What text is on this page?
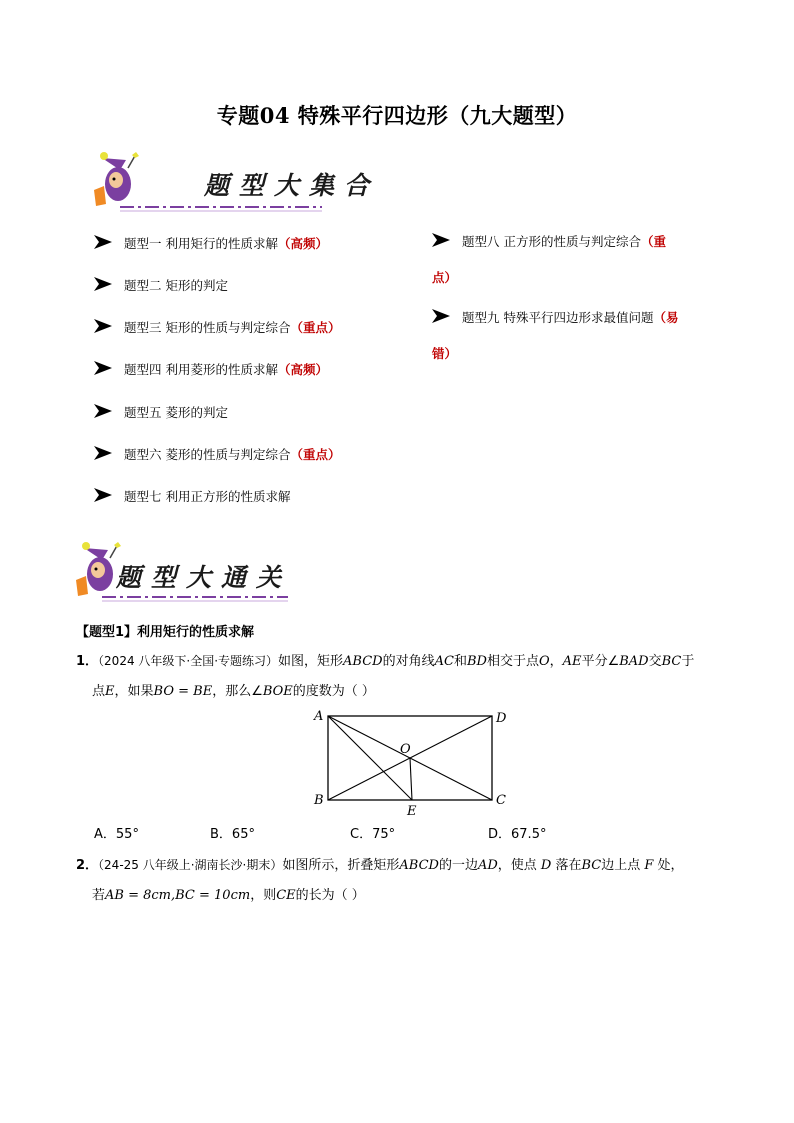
专题04 特殊平行四边形（九大题型）
题型大集合
题型一 利用矩行的性质求解（高频）
题型二 矩形的判定
题型三 矩形的性质与判定综合（重点）
题型四 利用菱形的性质求解（高频）
题型五 菱形的判定
题型六 菱形的性质与判定综合（重点）
题型七 利用正方形的性质求解
题型八 正方形的性质与判定综合（重
点）
题型九 特殊平行四边形求最值问题（易
错）
题型大通关
【题型1】利用矩行的性质求解
1．（2024 八年级下·全国·专题练习）如图，矩形ABCD的对角线AC和BD相交于点O，AE平分∠BAD交BC于
点E，如果BO = BE，那么∠BOE的度数为（ ）
A	D
B	C
O
E
A．55°	B．65°	C．75°	D．67.5°
2．（24-25 八年级上·湖南长沙·期末）如图所示，折叠矩形ABCD的一边AD，使点 D 落在BC边上点 F 处，
若AB = 8cm,BC = 10cm，则CE的长为（ ）
